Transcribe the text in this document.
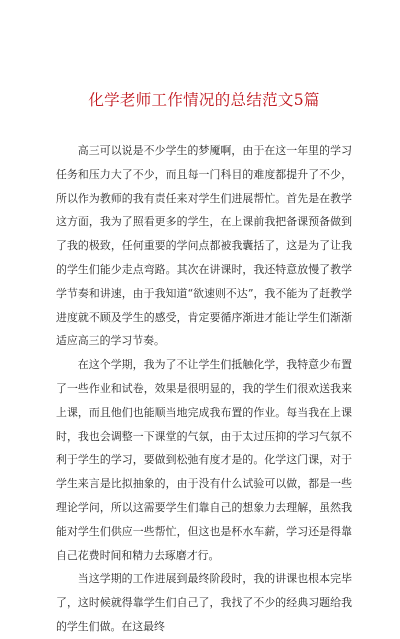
化学老师工作情况的总结范文5篇

高三可以说是不少学生的梦魇啊，由于在这一年里的学习任务和压力大了不少，而且每一门科目的难度都提升了不少，所以作为教师的我有责任来对学生们进展帮忙。首先是在教学这方面，我为了照看更多的学生，在上课前我把备课预备做到了我的极致，任何重要的学问点都被我囊括了，这是为了让我的学生们能少走点弯路。其次在讲课时，我还特意放慢了教学学节奏和讲速，由于我知道“欲速则不达”，我不能为了赶教学进度就不顾及学生的感受，肯定要循序渐进才能让学生们渐渐适应高三的学习节奏。

在这个学期，我为了不让学生们抵触化学，我特意少布置了一些作业和试卷，效果是很明显的，我的学生们很欢送我来上课，而且他们也能顺当地完成我布置的作业。每当我在上课时，我也会调整一下课堂的气氛，由于太过压抑的学习气氛不利于学生的学习，要做到松弛有度才是的。化学这门课，对于学生来言是比拟抽象的，由于没有什么试验可以做，都是一些理论学问，所以这需要学生们靠自己的想象力去理解，虽然我能对学生们供应一些帮忙，但这也是杯水车薪，学习还是得靠自己花费时间和精力去琢磨才行。

当这学期的工作进展到最终阶段时，我的讲课也根本完毕了，这时候就得靠学生们自己了，我找了不少的经典习题给我的学生们做。在这最终
